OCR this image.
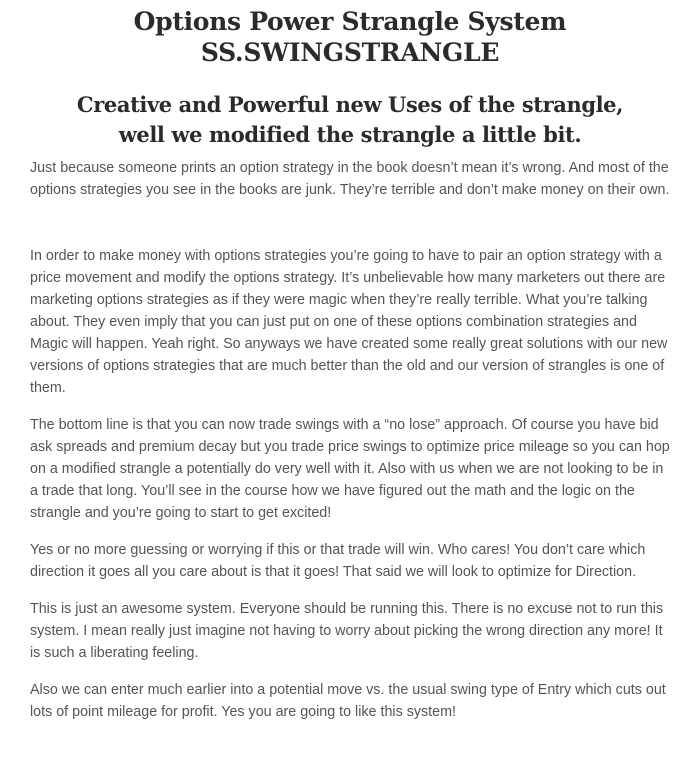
Options Power Strangle System
SS.SWINGSTRANGLE
Creative and Powerful new Uses of the strangle,
well we modified the strangle a little bit.

Just because someone prints an option strategy in the book doesn’t mean it’s wrong. And most of the options strategies you see in the books are junk. They’re terrible and don’t make money on their own.

In order to make money with options strategies you’re going to have to pair an option strategy with a price movement and modify the options strategy. It’s unbelievable how many marketers out there are marketing options strategies as if they were magic when they’re really terrible. What you’re talking about. They even imply that you can just put on one of these options combination strategies and Magic will happen. Yeah right. So anyways we have created some really great solutions with our new versions of options strategies that are much better than the old and our version of strangles is one of them.

The bottom line is that you can now trade swings with a “no lose” approach. Of course you have bid ask spreads and premium decay but you trade price swings to optimize price mileage so you can hop on a modified strangle a potentially do very well with it. Also with us when we are not looking to be in a trade that long. You’ll see in the course how we have figured out the math and the logic on the strangle and you’re going to start to get excited!

Yes or no more guessing or worrying if this or that trade will win. Who cares! You don’t care which direction it goes all you care about is that it goes! That said we will look to optimize for Direction.

This is just an awesome system. Everyone should be running this. There is no excuse not to run this system. I mean really just imagine not having to worry about picking the wrong direction any more! It is such a liberating feeling.

Also we can enter much earlier into a potential move vs. the usual swing type of Entry which cuts out lots of point mileage for profit. Yes you are going to like this system!
